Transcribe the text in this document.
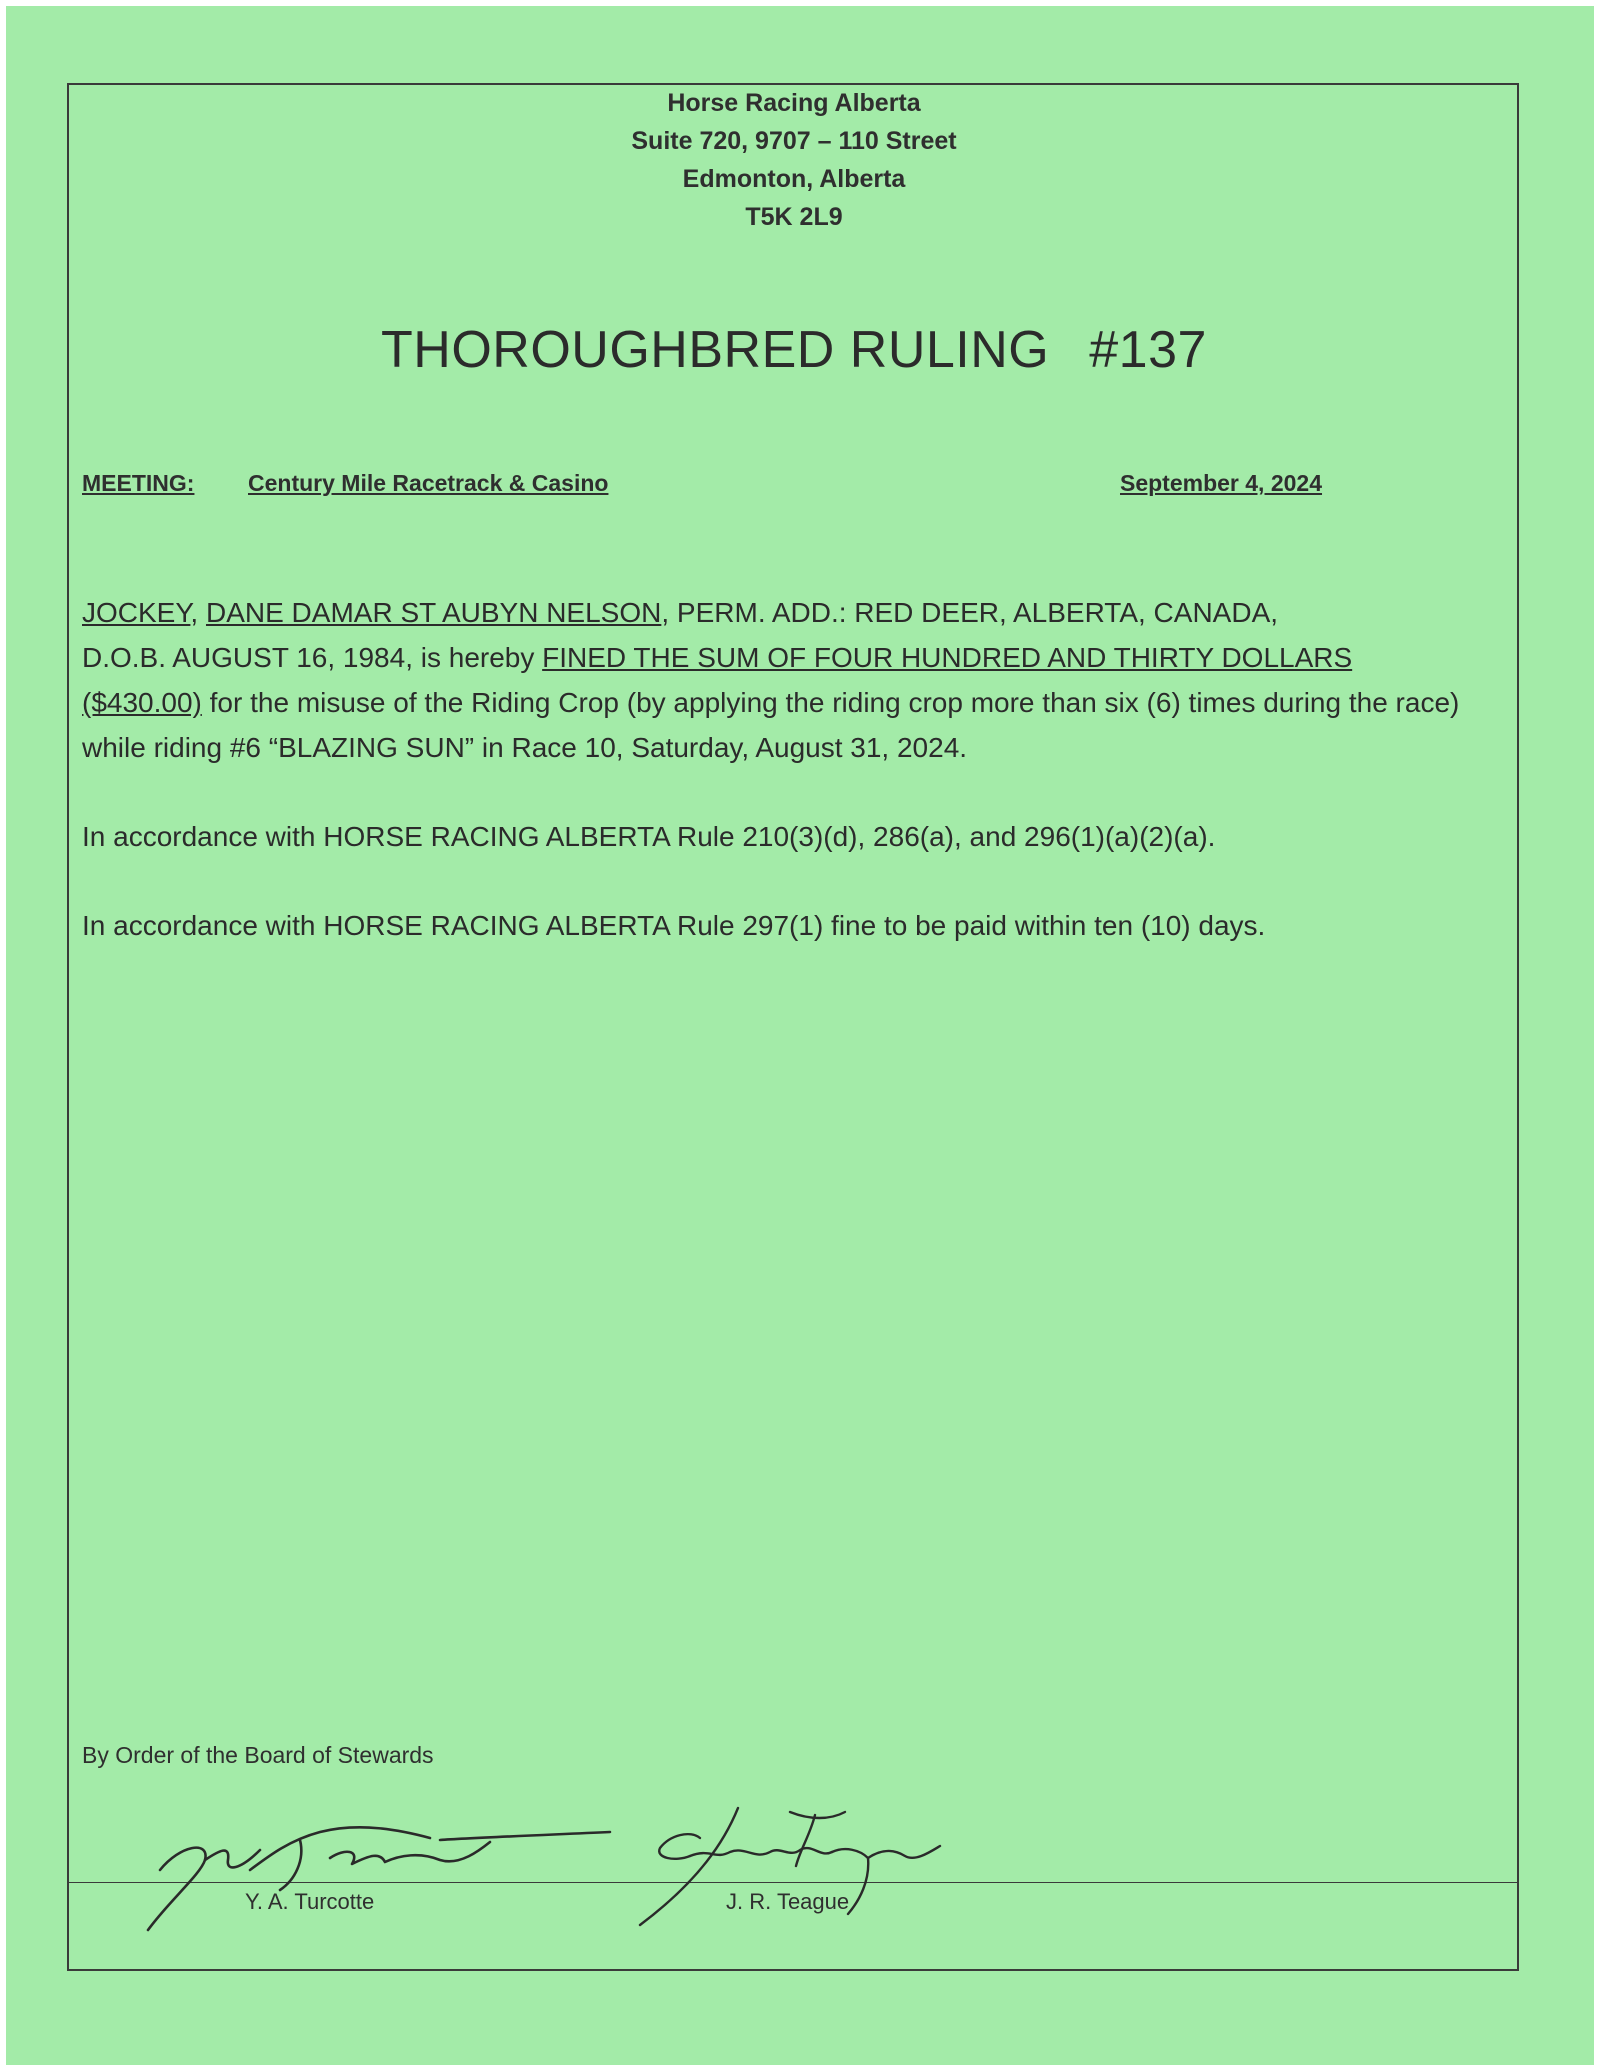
Horse Racing Alberta
Suite 720, 9707 – 110 Street
Edmonton, Alberta
T5K 2L9
THOROUGHBRED RULING #137
MEETING: Century Mile Racetrack & Casino	September 4, 2024

JOCKEY, DANE DAMAR ST AUBYN NELSON, PERM. ADD.: RED DEER, ALBERTA, CANADA,
D.O.B. AUGUST 16, 1984, is hereby FINED THE SUM OF FOUR HUNDRED AND THIRTY DOLLARS
($430.00) for the misuse of the Riding Crop (by applying the riding crop more than six (6) times during the race) while riding #6 “BLAZING SUN” in Race 10, Saturday, August 31, 2024.

In accordance with HORSE RACING ALBERTA Rule 210(3)(d), 286(a), and 296(1)(a)(2)(a).

In accordance with HORSE RACING ALBERTA Rule 297(1) fine to be paid within ten (10) days.

By Order of the Board of Stewards
Y. A. Turcotte	J. R. Teague
